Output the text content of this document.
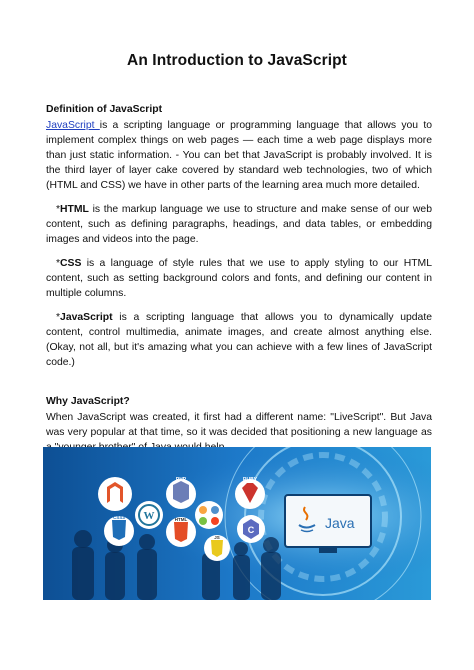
An Introduction to JavaScript
Definition of JavaScript

JavaScript is a scripting language or programming language that allows you to implement complex things on web pages — each time a web page displays more than just static information. - You can bet that JavaScript is probably involved. It is the third layer of layer cake covered by standard web technologies, two of which (HTML and CSS) we have in other parts of the learning area much more detailed.

*HTML is the markup language we use to structure and make sense of our web content, such as defining paragraphs, headings, and data tables, or embedding images and videos into the page.

*CSS is a language of style rules that we use to apply styling to our HTML content, such as setting background colors and fonts, and defining our content in multiple columns.

*JavaScript is a scripting language that allows you to dynamically update content, control multimedia, animate images, and create almost anything else. (Okay, not all, but it's amazing what you can achieve with a few lines of JavaScript code.)

Why JavaScript?

When JavaScript was created, it first had a different name: "LiveScript". But Java was very popular at that time, so it was decided that positioning a new language as

PHP	RUBY
CSS3 W	HTML
JS
C	Java
